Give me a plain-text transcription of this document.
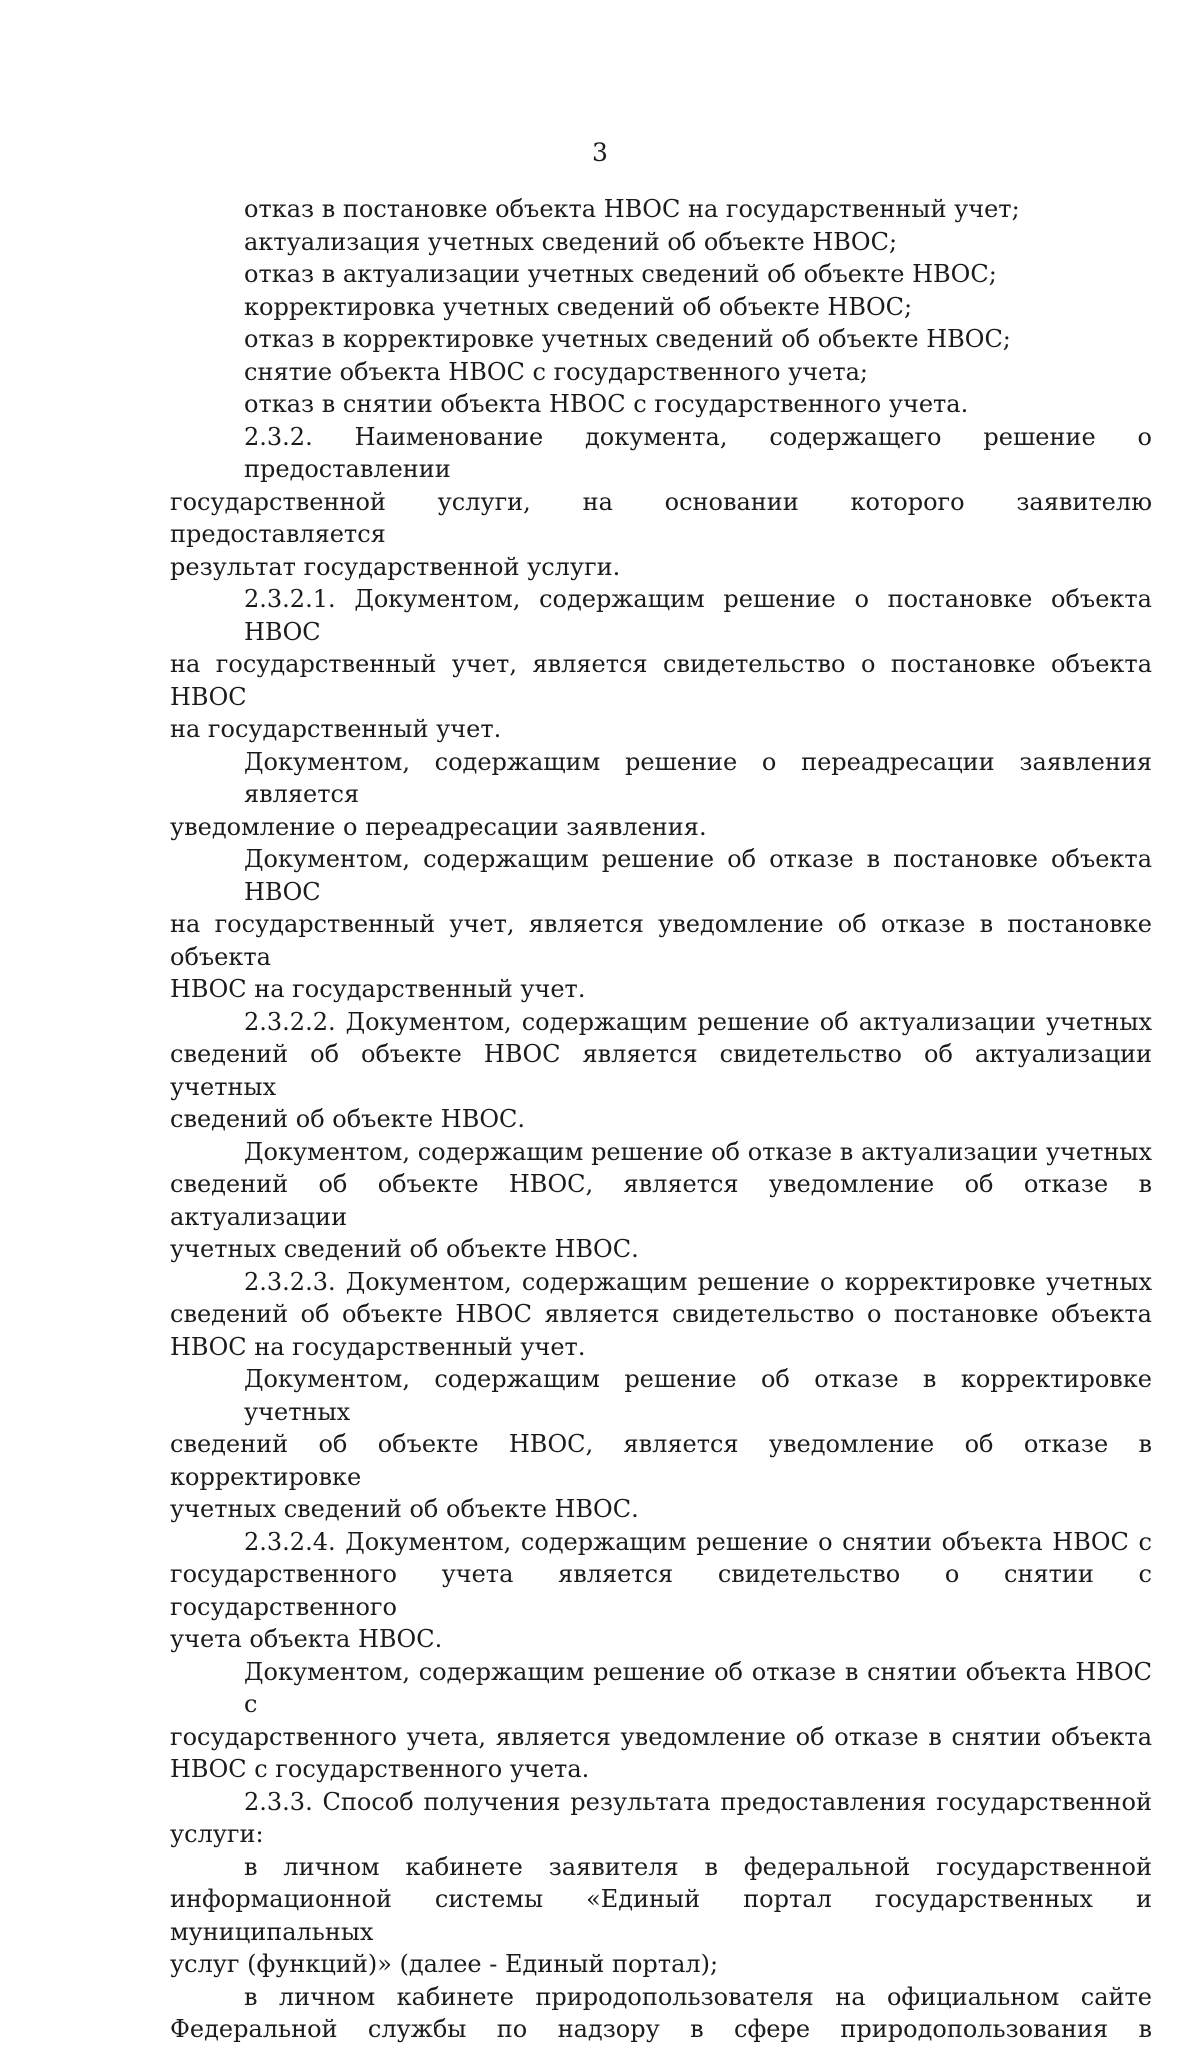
3
отказ в постановке объекта НВОС на государственный учет;
актуализация учетных сведений об объекте НВОС;
отказ в актуализации учетных сведений об объекте НВОС;
корректировка учетных сведений об объекте НВОС;
отказ в корректировке учетных сведений об объекте НВОС;
снятие объекта НВОС с государственного учета;
отказ в снятии объекта НВОС с государственного учета.
2.3.2. Наименование документа, содержащего решение о предоставлении
государственной услуги, на основании которого заявителю предоставляется
результат государственной услуги.
2.3.2.1. Документом, содержащим решение о постановке объекта НВОС
на государственный учет, является свидетельство о постановке объекта НВОС
на государственный учет.
Документом, содержащим решение о переадресации заявления является
уведомление о переадресации заявления.
Документом, содержащим решение об отказе в постановке объекта НВОС
на государственный учет, является уведомление об отказе в постановке объекта
НВОС на государственный учет.
2.3.2.2. Документом, содержащим решение об актуализации учетных
сведений об объекте НВОС является свидетельство об актуализации учетных
сведений об объекте НВОС.
Документом, содержащим решение об отказе в актуализации учетных
сведений об объекте НВОС, является уведомление об отказе в актуализации
учетных сведений об объекте НВОС.
2.3.2.3. Документом, содержащим решение о корректировке учетных
сведений об объекте НВОС является свидетельство о постановке объекта
НВОС на государственный учет.
Документом, содержащим решение об отказе в корректировке учетных
сведений об объекте НВОС, является уведомление об отказе в корректировке
учетных сведений об объекте НВОС.
2.3.2.4. Документом, содержащим решение о снятии объекта НВОС с
государственного учета является свидетельство о снятии с государственного
учета объекта НВОС.
Документом, содержащим решение об отказе в снятии объекта НВОС с
государственного учета, является уведомление об отказе в снятии объекта
НВОС с государственного учета.
2.3.3. Способ получения результата предоставления государственной
услуги:
в личном кабинете заявителя в федеральной государственной
информационной системы «Единый портал государственных и муниципальных
услуг (функций)» (далее - Единый портал);
в личном кабинете природопользователя на официальном сайте
Федеральной службы по надзору в сфере природопользования в
